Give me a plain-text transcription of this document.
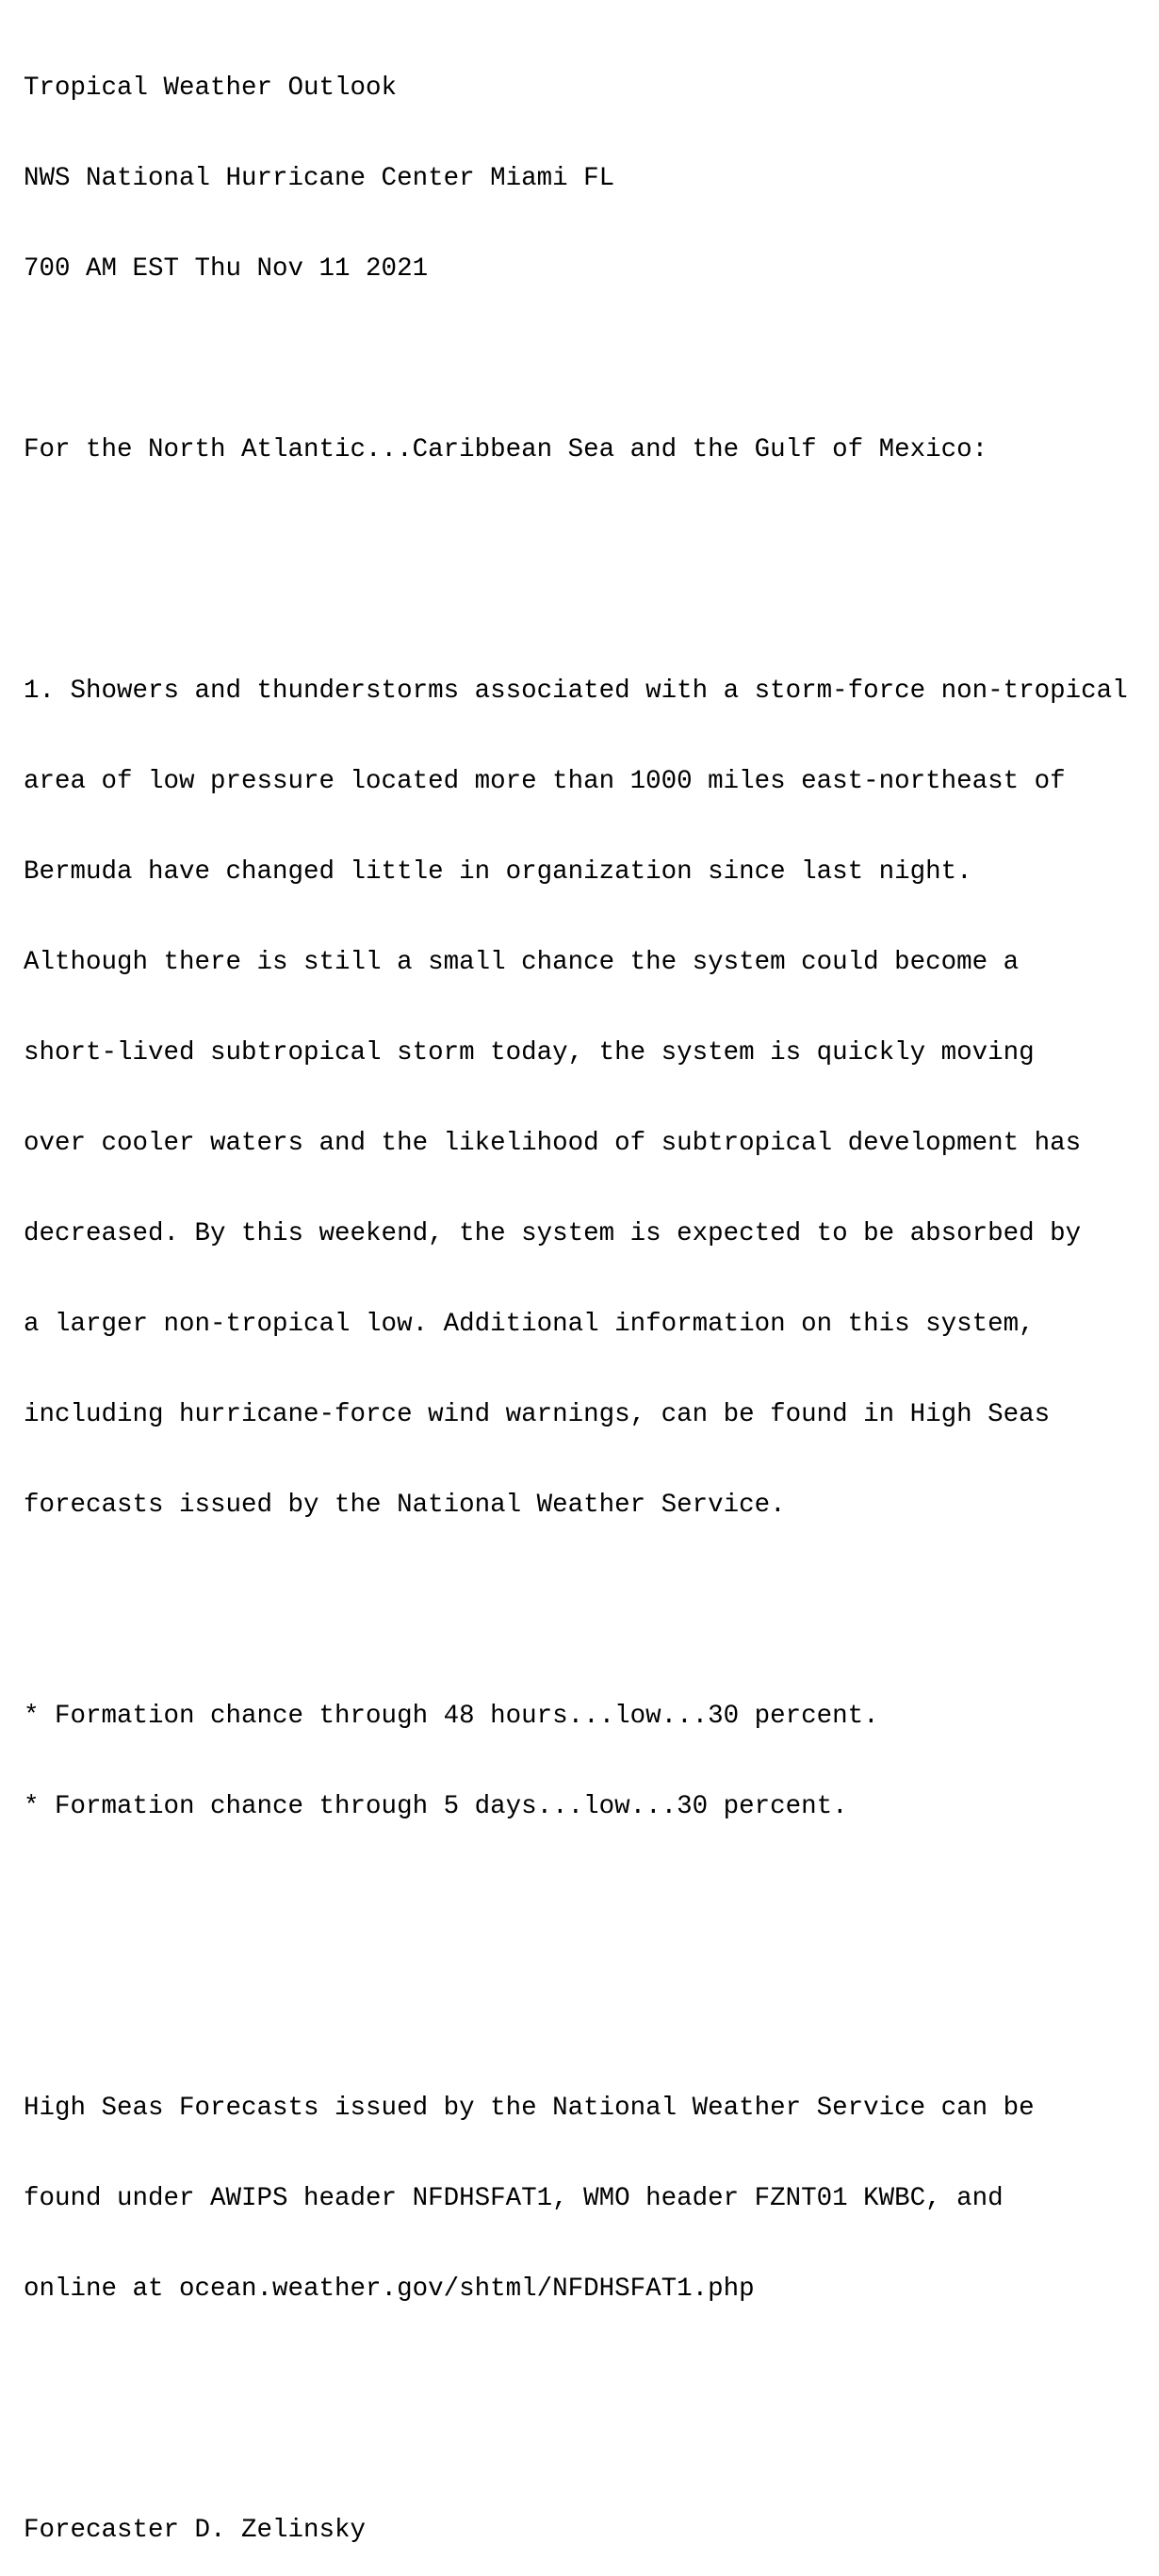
Tropical Weather Outlook

NWS National Hurricane Center Miami FL

700 AM EST Thu Nov 11 2021

For the North Atlantic...Caribbean Sea and the Gulf of Mexico:

1. Showers and thunderstorms associated with a storm-force non-tropical

area of low pressure located more than 1000 miles east-northeast of

Bermuda have changed little in organization since last night.

Although there is still a small chance the system could become a

short-lived subtropical storm today, the system is quickly moving

over cooler waters and the likelihood of subtropical development has

decreased. By this weekend, the system is expected to be absorbed by

a larger non-tropical low. Additional information on this system,

including hurricane-force wind warnings, can be found in High Seas

forecasts issued by the National Weather Service.

* Formation chance through 48 hours...low...30 percent.

* Formation chance through 5 days...low...30 percent.

High Seas Forecasts issued by the National Weather Service can be

found under AWIPS header NFDHSFAT1, WMO header FZNT01 KWBC, and

online at ocean.weather.gov/shtml/NFDHSFAT1.php

Forecaster D. Zelinsky
